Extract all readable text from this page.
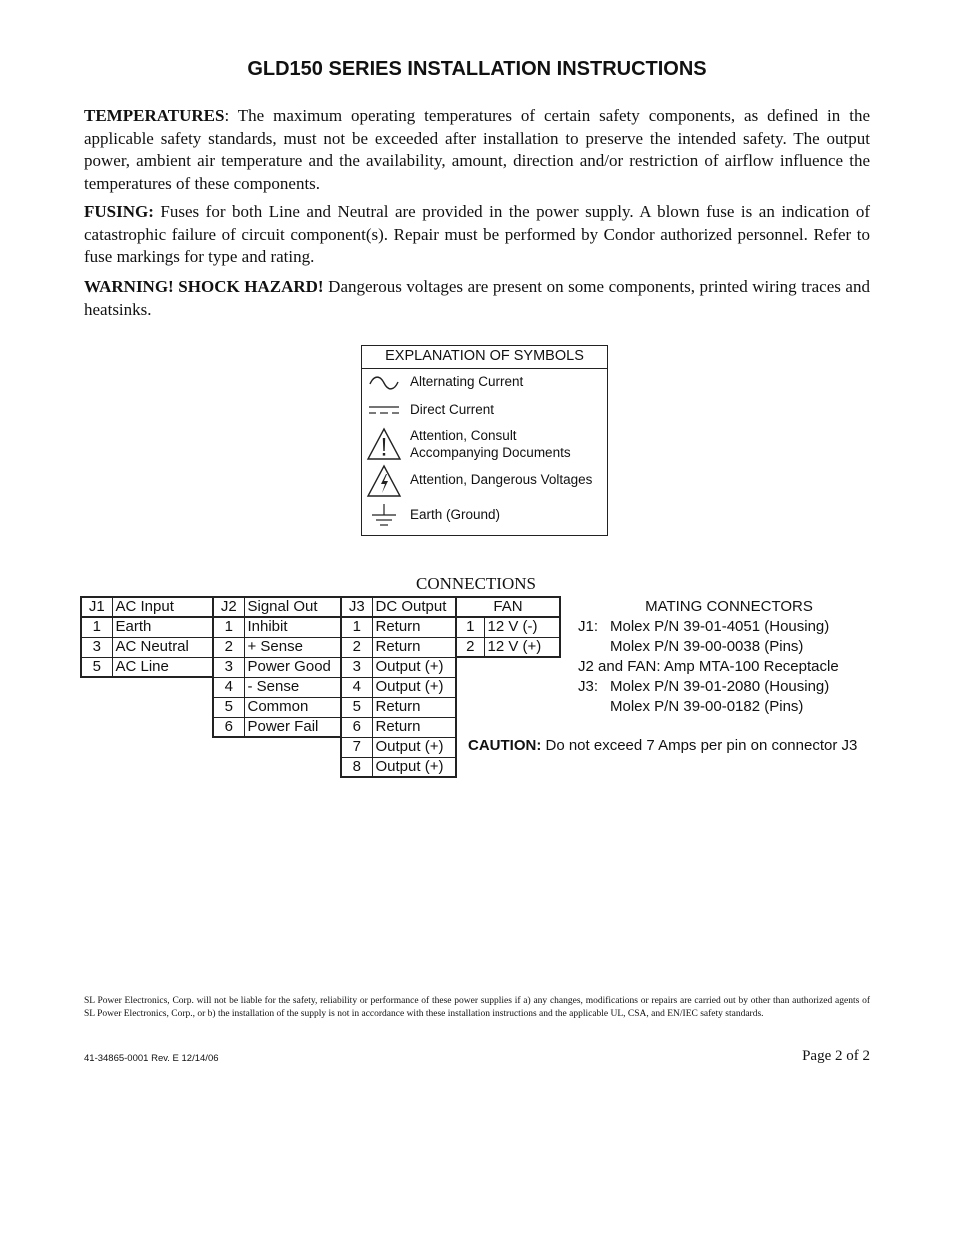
GLD150 SERIES INSTALLATION INSTRUCTIONS
TEMPERATURES: The maximum operating temperatures of certain safety components, as defined in the applicable safety standards, must not be exceeded after installation to preserve the intended safety. The output power, ambient air temperature and the availability, amount, direction and/or restriction of airflow influence the temperatures of these components.
FUSING: Fuses for both Line and Neutral are provided in the power supply. A blown fuse is an indication of catastrophic failure of circuit component(s). Repair must be performed by Condor authorized personnel. Refer to fuse markings for type and rating.
WARNING! SHOCK HAZARD! Dangerous voltages are present on some components, printed wiring traces and heatsinks.
EXPLANATION OF SYMBOLS
Alternating Current
Direct Current
Attention, Consult
Accompanying Documents
Attention, Dangerous Voltages
Earth (Ground)
CONNECTIONS
J1	AC Input
1	Earth
3	AC Neutral
5	AC Line
J2	Signal Out
1	Inhibit
2	+ Sense
3	Power Good
4	- Sense
5	Common
6	Power Fail
J3	DC Output
1	Return
2	Return
3	Output (+)
4	Output (+)
5	Return
6	Return
7	Output (+)
8	Output (+)
FAN	
1	12 V (-)
2	12 V (+)
MATING CONNECTORS
J1: Molex P/N 39-01-4051 (Housing)
Molex P/N 39-00-0038 (Pins)
J2 and FAN: Amp MTA-100 Receptacle
J3: Molex P/N 39-01-2080 (Housing)
Molex P/N 39-00-0182 (Pins)
CAUTION: Do not exceed 7 Amps per pin on connector J3
SL Power Electronics, Corp. will not be liable for the safety, reliability or performance of these power supplies if a) any changes, modifications or repairs are carried out by other than authorized agents of SL Power Electronics, Corp., or b) the installation of the supply is not in accordance with these installation instructions and the applicable UL, CSA, and EN/IEC safety standards.
41-34865-0001 Rev. E 12/14/06	Page 2 of 2
